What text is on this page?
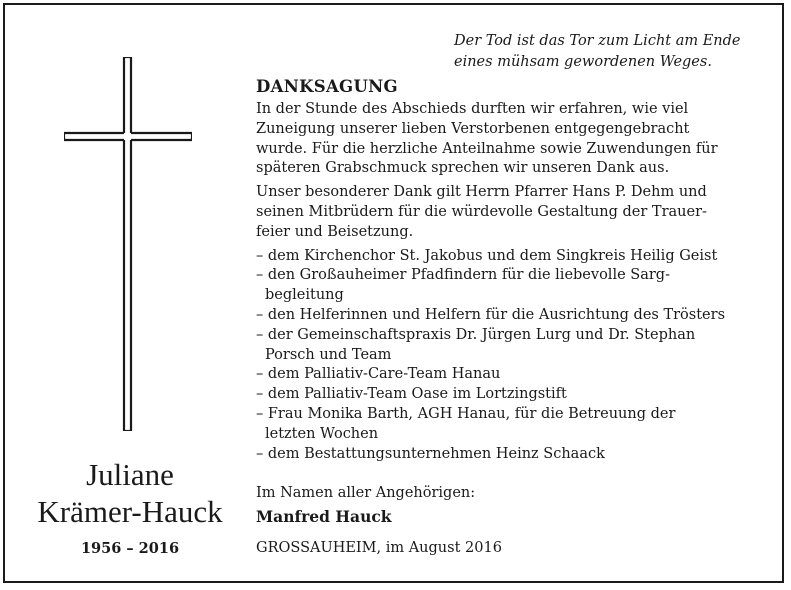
Der Tod ist das Tor zum Licht am Ende
eines mühsam gewordenen Weges.
DANKSAGUNG
In der Stunde des Abschieds durften wir erfahren, wie viel
Zuneigung unserer lieben Verstorbenen entgegengebracht
wurde. Für die herzliche Anteilnahme sowie Zuwendungen für
späteren Grabschmuck sprechen wir unseren Dank aus.
Unser besonderer Dank gilt Herrn Pfarrer Hans P. Dehm und
seinen Mitbrüdern für die würdevolle Gestaltung der Trauer-
feier und Beisetzung.
– dem Kirchenchor St. Jakobus und dem Singkreis Heilig Geist
– den Großauheimer Pfadfindern für die liebevolle Sarg-
begleitung
– den Helferinnen und Helfern für die Ausrichtung des Trösters
– der Gemeinschaftspraxis Dr. Jürgen Lurg und Dr. Stephan
Porsch und Team
– dem Palliativ-Care-Team Hanau
– dem Palliativ-Team Oase im Lortzingstift
– Frau Monika Barth, AGH Hanau, für die Betreuung der
letzten Wochen
– dem Bestattungsunternehmen Heinz Schaack
Im Namen aller Angehörigen:
Manfred Hauck
GROSSAUHEIM, im August 2016
Juliane
Krämer-Hauck
1956 – 2016
